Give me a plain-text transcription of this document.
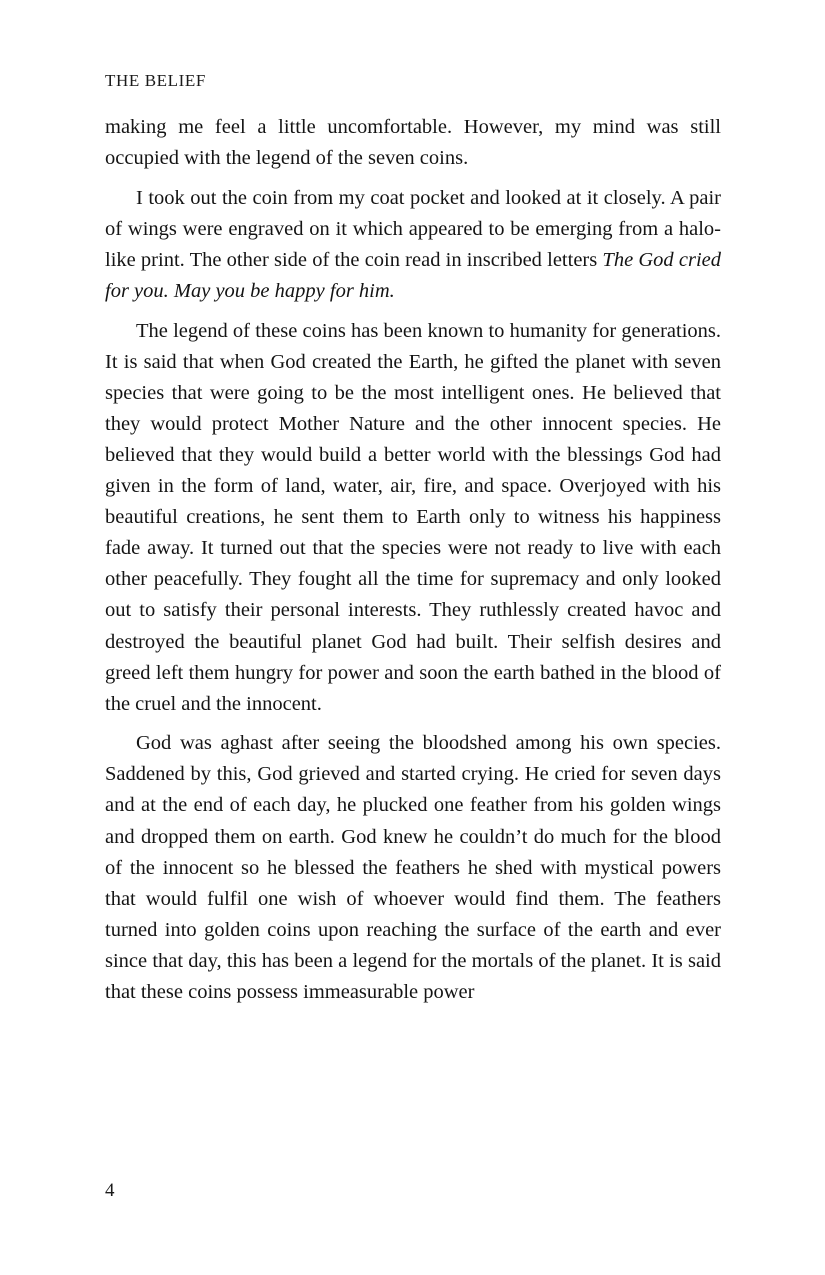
THE BELIEF

making me feel a little uncomfortable. However, my mind was still occupied with the legend of the seven coins.

I took out the coin from my coat pocket and looked at it closely. A pair of wings were engraved on it which appeared to be emerging from a halo-like print. The other side of the coin read in inscribed letters The God cried for you. May you be happy for him.

The legend of these coins has been known to humanity for generations. It is said that when God created the Earth, he gifted the planet with seven species that were going to be the most intelligent ones. He believed that they would protect Mother Nature and the other innocent species. He believed that they would build a better world with the blessings God had given in the form of land, water, air, fire, and space. Overjoyed with his beautiful creations, he sent them to Earth only to witness his happiness fade away. It turned out that the species were not ready to live with each other peacefully. They fought all the time for supremacy and only looked out to satisfy their personal interests. They ruthlessly created havoc and destroyed the beautiful planet God had built. Their selfish desires and greed left them hungry for power and soon the earth bathed in the blood of the cruel and the innocent.

God was aghast after seeing the bloodshed among his own species. Saddened by this, God grieved and started crying. He cried for seven days and at the end of each day, he plucked one feather from his golden wings and dropped them on earth. God knew he couldn’t do much for the blood of the innocent so he blessed the feathers he shed with mystical powers that would fulfil one wish of whoever would find them. The feathers turned into golden coins upon reaching the surface of the earth and ever since that day, this has been a legend for the mortals of the planet. It is said that these coins possess immeasurable power

4
